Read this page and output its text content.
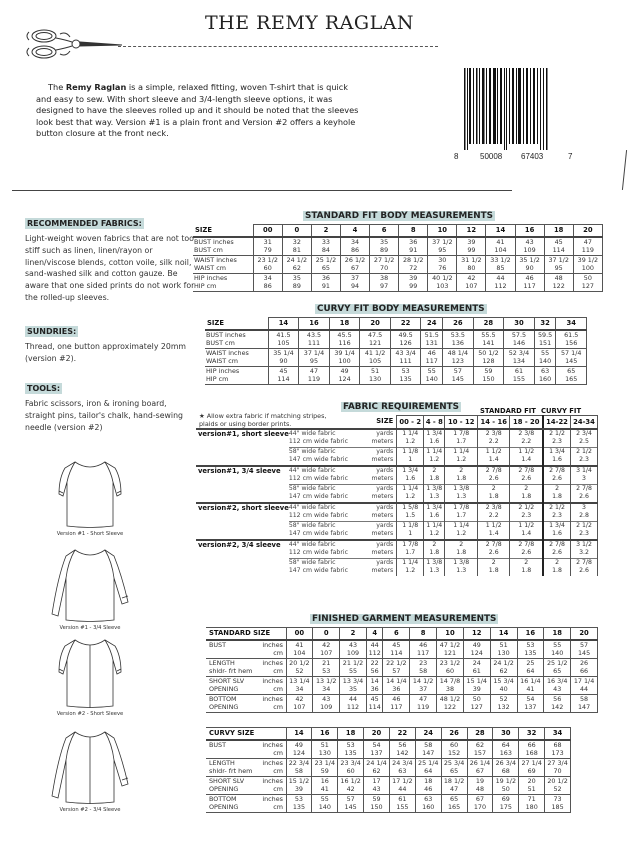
THE REMY RAGLAN

The Remy Raglan is a simple, relaxed fitting, woven T-shirt that is quick and easy to sew. With short sleeve and 3/4-length sleeve options, it was designed to have the sleeves rolled up and it should be noted that the sleeves look best that way. Version #1 is a plain front and Version #2 offers a keyhole button closure at the front neck.

8	50008 67403	7
RECOMMENDED FABRICS:
Light-weight woven fabrics that are not too stiff such as linen, linen/rayon or linen/viscose blends, cotton voile, silk noil, sand-washed silk and cotton gauze. Be aware that one sided prints do not work for the rolled-up sleeves.
SUNDRIES:
Thread, one button approximately 20mm (version #2).
TOOLS:
Fabric scissors, iron & ironing board, straight pins, tailor's chalk, hand-sewing needle (version #2)
Version #1 - Short Sleeve
Version #1 - 3/4 Sleeve
Version #2 - Short Sleeve
Version #2 - 3/4 Sleeve
STANDARD FIT BODY MEASUREMENTS
SIZE	00	0	2	4	6	8	10	12	14	16	18	20
BUST inches	31	32	33	34	35	36	37 1/2	39	41	43	45	47
BUST cm	79	81	84	86	89	91	95	99	104	109	114	119
WAIST inches	23 1/2	24 1/2	25 1/2	26 1/2	27 1/2	28 1/2	30	31 1/2	33 1/2	35 1/2	37 1/2	39 1/2
WAIST cm	60	62	65	67	70	72	76	80	85	90	95	100
HIP inches	34	35	36	37	38	39	40 1/2	42	44	46	48	50
HIP cm	86	89	91	94	97	99	103	107	112	117	122	127
CURVY FIT BODY MEASUREMENTS
SIZE	14	16	18	20	22	24	26	28	30	32	34
BUST inches	41.5	43.5	45.5	47.5	49.5	51.5	53.5	55.5	57.5	59.5	61.5
BUST cm	105	111	116	121	126	131	136	141	146	151	156
WAIST inches	35 1/4	37 1/4	39 1/4	41 1/2	43 3/4	46	48 1/4	50 1/2	52 3/4	55	57 1/4
WAIST cm	90	95	100	105	111	117	123	128	134	140	145
HIP inches	45	47	49	51	53	55	57	59	61	63	65
HIP cm	114	119	124	130	135	140	145	150	155	160	165
FABRIC REQUIREMENTS	STANDARD FIT CURVY FIT
★ Allow extra fabric if matching stripes, plaids or using border prints.
			SIZE	00 - 2	4 - 8	10 - 12	14 - 16	18 - 20	14-22	24-34
version#1, short sleeve	44" wide fabric	yards	1 1/4	1 3/4	1 7/8	2 3/8	2 3/8	2 1/2	2 3/4
	112 cm wide fabric	meters	1.2	1.6	1.7	2.2	2.2	2.3	2.5
	58" wide fabric	yards	1 1/8	1 1/4	1 1/4	1 1/2	1 1/2	1 3/4	2 1/2
	147 cm wide fabric	meters	1	1.2	1.2	1.4	1.4	1.6	2.3
version#1, 3/4 sleeve	44" wide fabric	yards	1 3/4	2	2	2 7/8	2 7/8	2 7/8	3 1/4
	112 cm wide fabric	meters	1.6	1.8	1.8	2.6	2.6	2.6	3
	58" wide fabric	yards	1 1/4	1 3/8	1 3/8	2	2	2	2 7/8
	147 cm wide fabric	meters	1.2	1.3	1.3	1.8	1.8	1.8	2.6
version#2, short sleeve	44" wide fabric	yards	1 5/8	1 3/4	1 7/8	2 3/8	2 1/2	2 1/2	3
	112 cm wide fabric	meters	1.5	1.6	1.7	2.2	2.3	2.3	2.8
	58" wide fabric	yards	1 1/8	1 1/4	1 1/4	1 1/2	1 1/2	1 3/4	2 1/2
	147 cm wide fabric	meters	1	1.2	1.2	1.4	1.4	1.6	2.3
version#2, 3/4 sleeve	44" wide fabric	yards	1 7/8	2	2	2 7/8	2 7/8	2 7/8	3 1/2
	112 cm wide fabric	meters	1.7	1.8	1.8	2.6	2.6	2.6	3.2
	58" wide fabric	yards	1 1/4	1 3/8	1 3/8	2	2	2	2 7/8
	147 cm wide fabric	meters	1.2	1.3	1.3	1.8	1.8	1.8	2.6
FINISHED GARMENT MEASUREMENTS
STANDARD SIZE	00	0	2	4	6	8	10	12	14	16	18	20

BUST inches	41	42	43	44	45	46	47 1/2	49	51	53	55	57

cm	104	107	109	112	114	117	121	124	130	135	140	145

LENGTH inches	20 1/2	21	21 1/2	22	22 1/2	23	23 1/2	24	24 1/2	25	25 1/2	26

shldr- frt hem cm	52	53	55	56	57	58	60	61	62	64	65	66

SHORT SLV inches	13 1/4	13 1/2	13 3/4	14	14 1/4	14 1/2	14 7/8	15 1/4	15 3/4	16 1/4	16 3/4	17 1/4

OPENING cm	34	34	35	36	36	37	38	39	40	41	43	44

BOTTOM inches	42	43	44	45	46	47	48 1/2	50	52	54	56	58

OPENING cm	107	109	112	114	117	119	122	127	132	137	142	147
CURVY SIZE	14	16	18	20	22	24	26	28	30	32	34

BUST inches	49	51	53	54	56	58	60	62	64	66	68

cm	124	130	135	137	142	147	152	157	163	168	173

LENGTH inches	22 3/4	23 1/4	23 3/4	24 1/4	24 3/4	25 1/4	25 3/4	26 1/4	26 3/4	27 1/4	27 3/4

shldr- frt hem cm	58	59	60	62	63	64	65	67	68	69	70

SHORT SLV inches	15 1/2	16	16 1/2	17	17 1/2	18	18 1/2	19	19 1/2	20	20 1/2

OPENING cm	39	41	42	43	44	46	47	48	50	51	52

BOTTOM inches	53	55	57	59	61	63	65	67	69	71	73

OPENING cm	135	140	145	150	155	160	165	170	175	180	185
